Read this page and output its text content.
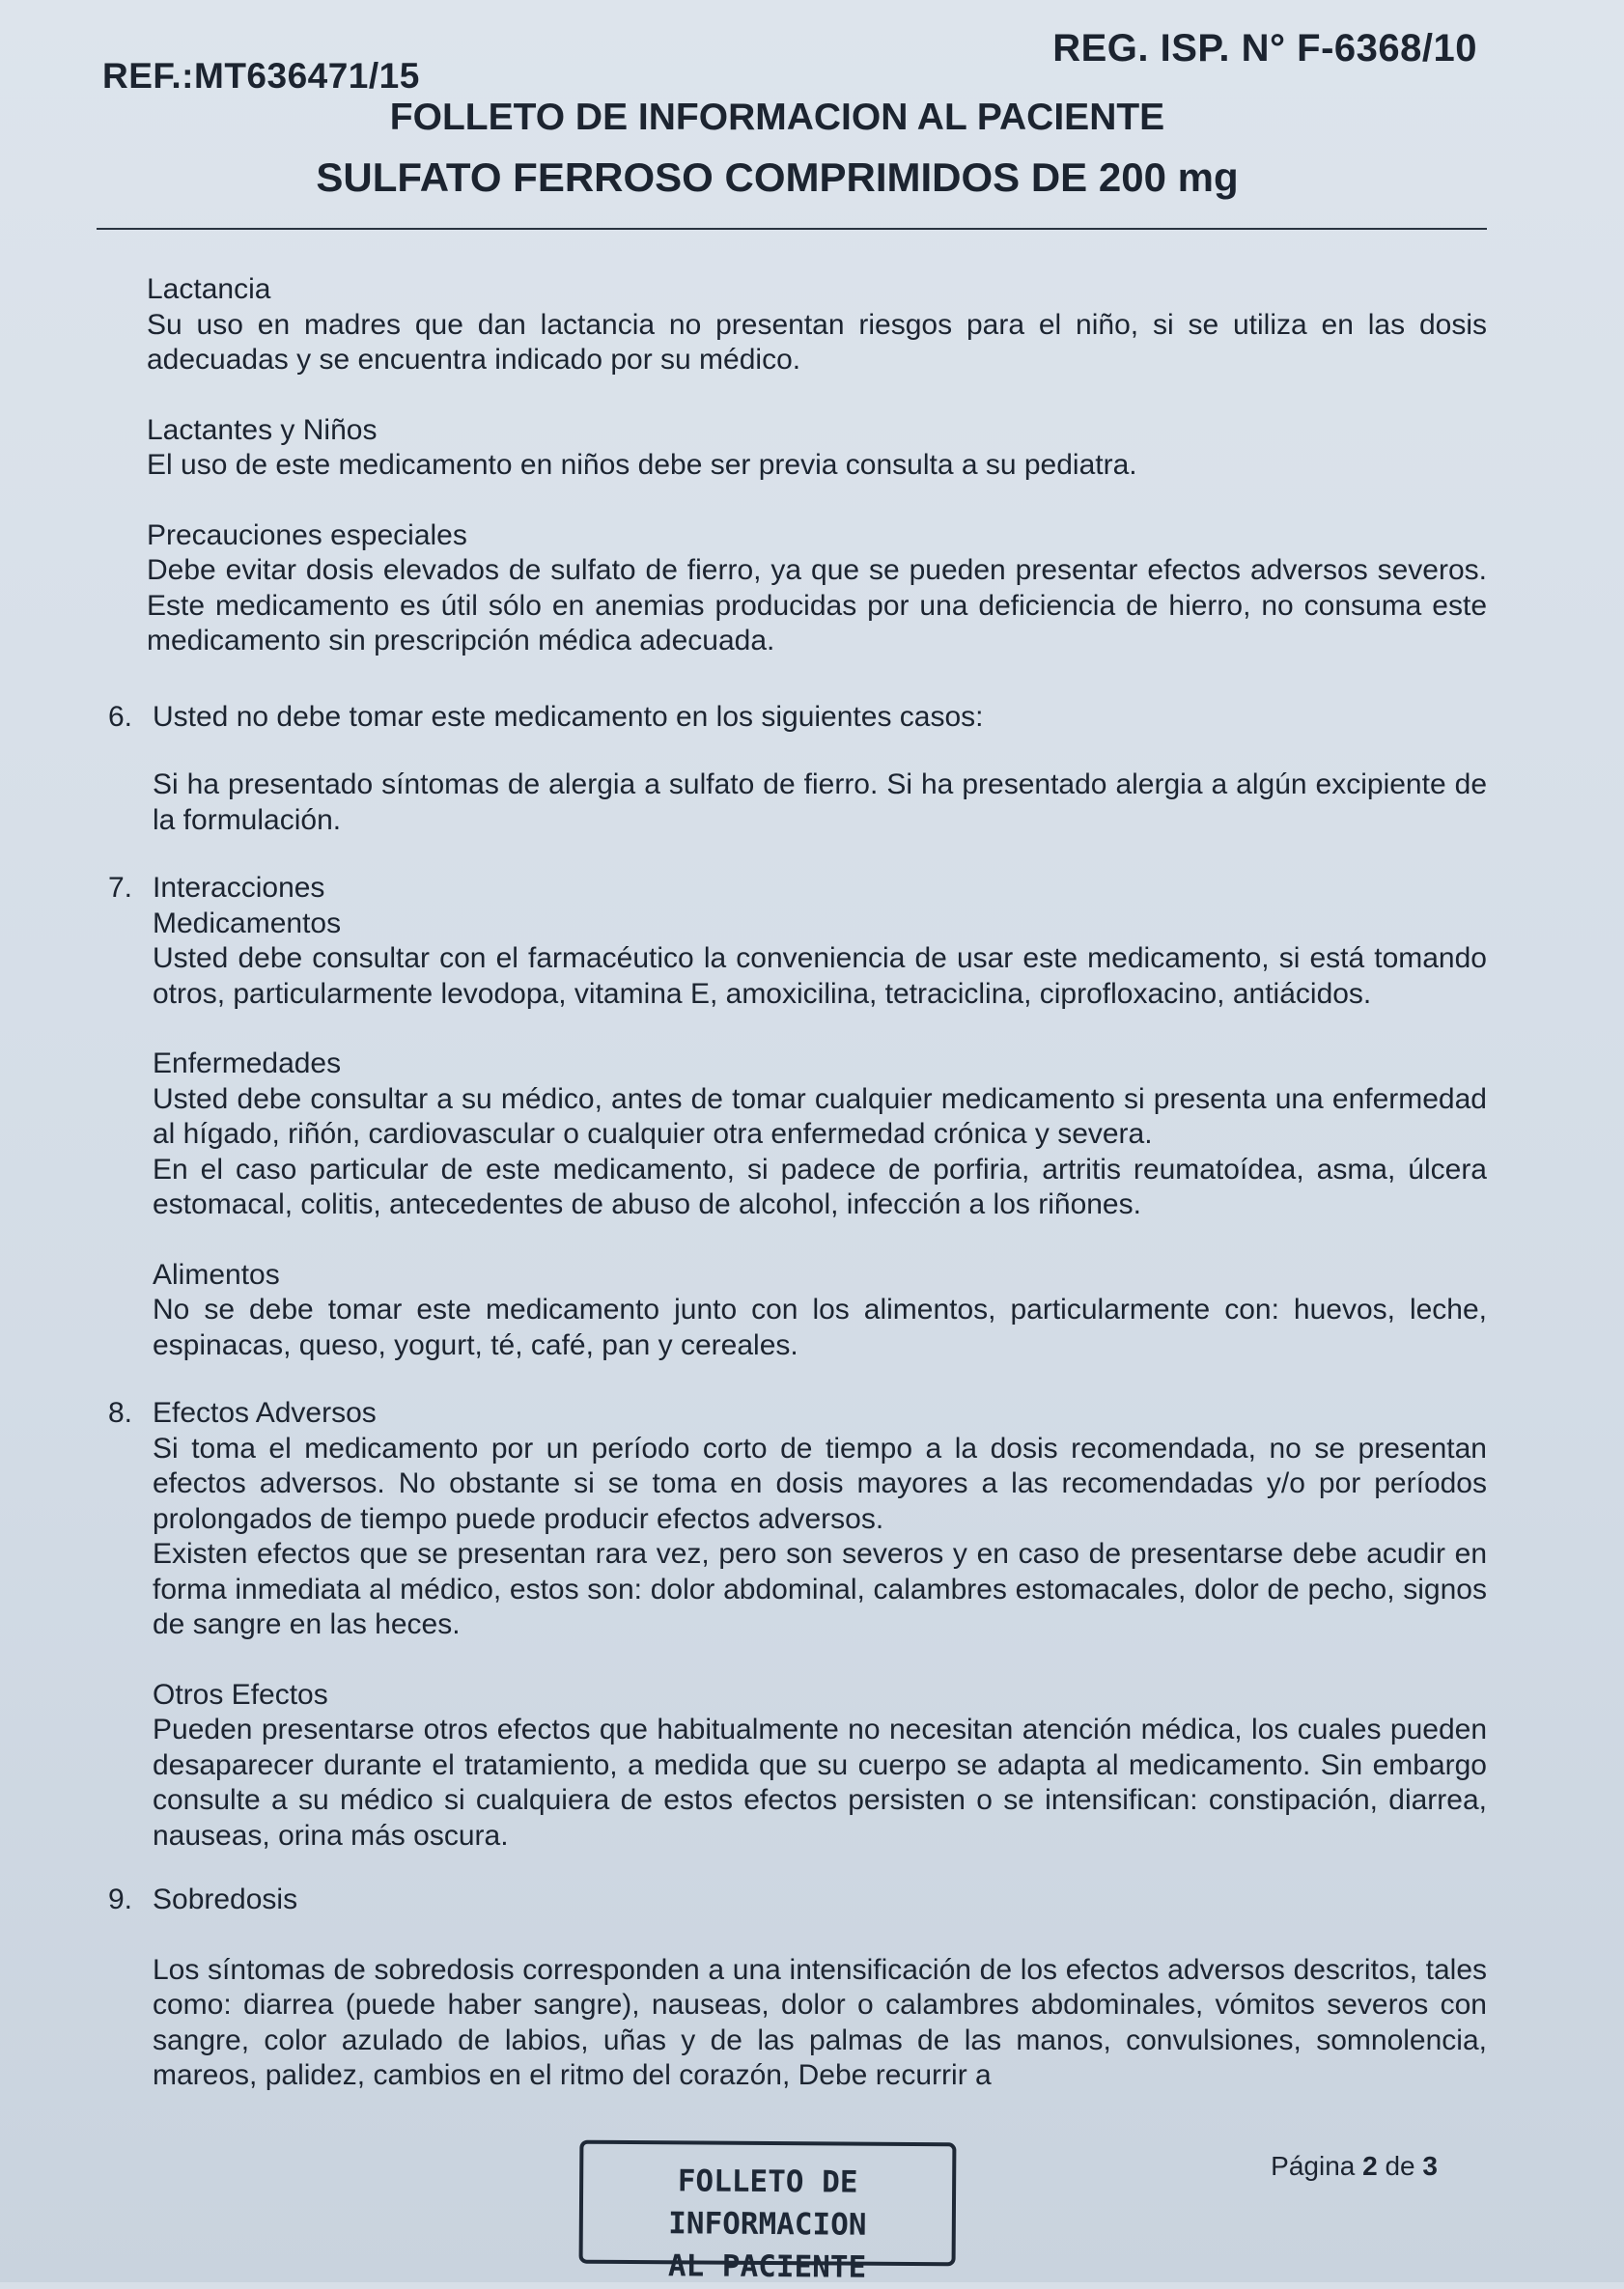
REF.:MT636471/15
REG. ISP. N° F-6368/10
FOLLETO DE INFORMACION AL PACIENTE
SULFATO FERROSO COMPRIMIDOS DE 200 mg
Lactancia
Su uso en madres que dan lactancia no presentan riesgos para el niño, si se utiliza en las dosis adecuadas y se encuentra indicado por su médico.
Lactantes y Niños
El uso de este medicamento en niños debe ser previa consulta a su pediatra.
Precauciones especiales
Debe evitar dosis elevados de sulfato de fierro, ya que se pueden presentar efectos adversos severos. Este medicamento es útil sólo en anemias producidas por una deficiencia de hierro, no consuma este medicamento sin prescripción médica adecuada.
6. Usted no debe tomar este medicamento en los siguientes casos:
Si ha presentado síntomas de alergia a sulfato de fierro. Si ha presentado alergia a algún excipiente de la formulación.
7. Interacciones
Medicamentos
Usted debe consultar con el farmacéutico la conveniencia de usar este medicamento, si está tomando otros, particularmente levodopa, vitamina E, amoxicilina, tetraciclina, ciprofloxacino, antiácidos.
Enfermedades
Usted debe consultar a su médico, antes de tomar cualquier medicamento si presenta una enfermedad al hígado, riñón, cardiovascular o cualquier otra enfermedad crónica y severa.
En el caso particular de este medicamento, si padece de porfiria, artritis reumatoídea, asma, úlcera estomacal, colitis, antecedentes de abuso de alcohol, infección a los riñones.
Alimentos
No se debe tomar este medicamento junto con los alimentos, particularmente con: huevos, leche, espinacas, queso, yogurt, té, café, pan y cereales.
8. Efectos Adversos
Si toma el medicamento por un período corto de tiempo a la dosis recomendada, no se presentan efectos adversos. No obstante si se toma en dosis mayores a las recomendadas y/o por períodos prolongados de tiempo puede producir efectos adversos.
Existen efectos que se presentan rara vez, pero son severos y en caso de presentarse debe acudir en forma inmediata al médico, estos son: dolor abdominal, calambres estomacales, dolor de pecho, signos de sangre en las heces.
Otros Efectos
Pueden presentarse otros efectos que habitualmente no necesitan atención médica, los cuales pueden desaparecer durante el tratamiento, a medida que su cuerpo se adapta al medicamento. Sin embargo consulte a su médico si cualquiera de estos efectos persisten o se intensifican: constipación, diarrea, nauseas, orina más oscura.
9. Sobredosis
Los síntomas de sobredosis corresponden a una intensificación de los efectos adversos descritos, tales como: diarrea (puede haber sangre), nauseas, dolor o calambres abdominales, vómitos severos con sangre, color azulado de labios, uñas y de las palmas de las manos, convulsiones, somnolencia, mareos, palidez, cambios en el ritmo del corazón, Debe recurrir a
FOLLETO DE INFORMACION
AL PACIENTE
Página 2 de 3
